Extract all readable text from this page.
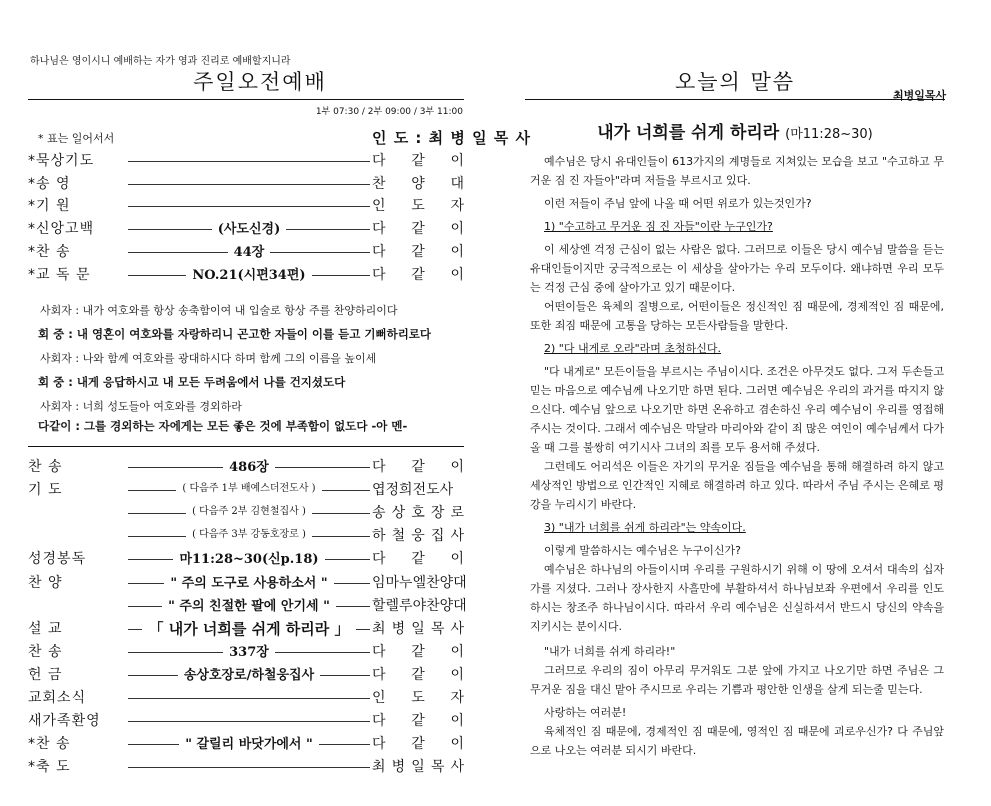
하나님은 영이시니 예배하는 자가 영과 진리로 예배할지니라
주일오전예배
1부 07:30 / 2부 09:00 / 3부 11:00
* 표는 일어서서	인 도 : 최 병 일 목 사
*묵상기도	다 같 이
*송 영	찬 양 대
*기 원	인 도 자
*신앙고백	(사도신경)	다 같 이
*찬 송	44장	다 같 이
*교 독 문	NO.21(시편34편)	다 같 이
사회자 : 내가 여호와를 항상 송축함이여 내 입술로 항상 주를 찬양하리이다
회 중 : 내 영혼이 여호와를 자랑하리니 곤고한 자들이 이를 듣고 기뻐하리로다
사회자 : 나와 함께 여호와를 광대하시다 하며 함께 그의 이름을 높이세
회 중 : 내게 응답하시고 내 모든 두려움에서 나를 건지셨도다
사회자 : 너희 성도들아 여호와를 경외하라
다같이 : 그를 경외하는 자에게는 모든 좋은 것에 부족함이 없도다 -아 멘-
찬 송	486장	다 같 이
기 도	( 다음주 1부 배예스더전도사 )	엽정희전도사
( 다음주 2부 김현철집사 )	송 상 호 장 로
( 다음주 3부 강동호장로 )	하 철 웅 집 사
성경봉독	마11:28~30(신p.18)	다 같 이
찬 양	" 주의 도구로 사용하소서 "	임마누엘찬양대
" 주의 친절한 팔에 안기세 "	할렐루야찬양대
설 교	「 내가 너희를 쉬게 하리라 」	최 병 일 목 사
찬 송	337장	다 같 이
헌 금	송상호장로/하철웅집사	다 같 이
교회소식	인 도 자
새가족환영	다 같 이
*찬 송	" 갈릴리 바닷가에서 "	다 같 이
*축 도	최 병 일 목 사
오늘의 말씀
최병일목사
내가 너희를 쉬게 하리라 (마11:28~30)

예수님은 당시 유대인들이 613가지의 계명들로 지쳐있는 모습을 보고 "수고하고 무거운 짐 진 자들아"라며 저들을 부르시고 있다.

이런 저들이 주님 앞에 나올 때 어떤 위로가 있는것인가?

1) "수고하고 무거운 짐 진 자들"이란 누구인가?

이 세상엔 걱정 근심이 없는 사람은 없다. 그러므로 이들은 당시 예수님 말씀을 듣는 유대인들이지만 궁극적으로는 이 세상을 살아가는 우리 모두이다. 왜냐하면 우리 모두는 걱정 근심 중에 살아가고 있기 때문이다.

어떤이들은 육체의 질병으로, 어떤이들은 정신적인 짐 때문에, 경제적인 짐 때문에, 또한 죄짐 때문에 고통을 당하는 모든사람들을 말한다.

2) "다 내게로 오라"라며 초청하신다.

"다 내게로" 모든이들을 부르시는 주님이시다. 조건은 아무것도 없다. 그저 두손들고 믿는 마음으로 예수님께 나오기만 하면 된다. 그러면 예수님은 우리의 과거를 따지지 않으신다. 예수님 앞으로 나오기만 하면 온유하고 겸손하신 우리 예수님이 우리를 영접해 주시는 것이다. 그래서 예수님은 막달라 마리아와 같이 죄 많은 여인이 예수님께서 다가올 때 그를 불쌍히 여기시사 그녀의 죄를 모두 용서해 주셨다.

그런데도 어리석은 이들은 자기의 무거운 짐들을 예수님을 통해 해결하려 하지 않고 세상적인 방법으로 인간적인 지혜로 해결하려 하고 있다. 따라서 주님 주시는 은혜로 평강을 누리시기 바란다.

3) "내가 너희를 쉬게 하리라"는 약속이다.

이렇게 말씀하시는 예수님은 누구이신가?

예수님은 하나님의 아들이시며 우리를 구원하시기 위해 이 땅에 오셔서 대속의 십자가를 지셨다. 그러나 장사한지 사흘만에 부활하셔서 하나님보좌 우편에서 우리를 인도하시는 창조주 하나님이시다. 따라서 우리 예수님은 신실하셔서 반드시 당신의 약속을 지키시는 분이시다.

"내가 너희를 쉬게 하리라!"

그러므로 우리의 짐이 아무리 무거워도 그분 앞에 가지고 나오기만 하면 주님은 그 무거운 짐을 대신 맡아 주시므로 우리는 기쁨과 평안한 인생을 살게 되는줄 믿는다.

사랑하는 여러분!

육체적인 짐 때문에, 경제적인 짐 때문에, 영적인 짐 때문에 괴로우신가? 다 주님앞으로 나오는 여러분 되시기 바란다.
